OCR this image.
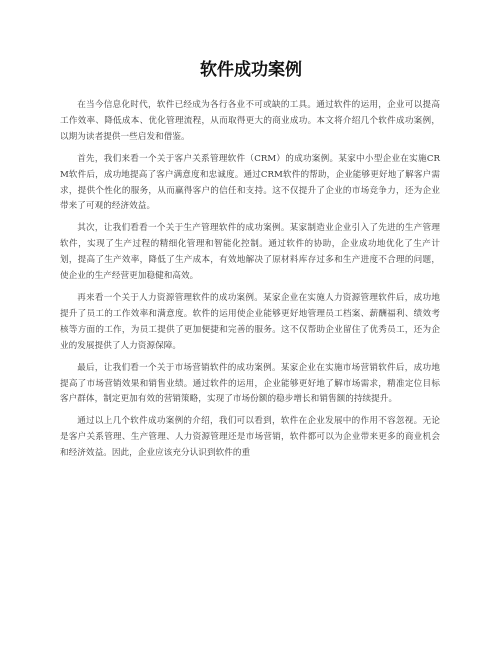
软件成功案例

在当今信息化时代，软件已经成为各行各业不可或缺的工具。通过软件的运用，企业可以提高工作效率、降低成本、优化管理流程，从而取得更大的商业成功。本文将介绍几个软件成功案例，以期为读者提供一些启发和借鉴。

首先，我们来看一个关于客户关系管理软件（CRM）的成功案例。某家中小型企业在实施CRM软件后，成功地提高了客户满意度和忠诚度。通过CRM软件的帮助，企业能够更好地了解客户需求，提供个性化的服务，从而赢得客户的信任和支持。这不仅提升了企业的市场竞争力，还为企业带来了可观的经济效益。

其次，让我们看看一个关于生产管理软件的成功案例。某家制造业企业引入了先进的生产管理软件，实现了生产过程的精细化管理和智能化控制。通过软件的协助，企业成功地优化了生产计划，提高了生产效率，降低了生产成本，有效地解决了原材料库存过多和生产进度不合理的问题，使企业的生产经营更加稳健和高效。

再来看一个关于人力资源管理软件的成功案例。某家企业在实施人力资源管理软件后，成功地提升了员工的工作效率和满意度。软件的运用使企业能够更好地管理员工档案、薪酬福利、绩效考核等方面的工作，为员工提供了更加便捷和完善的服务。这不仅帮助企业留住了优秀员工，还为企业的发展提供了人力资源保障。

最后，让我们看一个关于市场营销软件的成功案例。某家企业在实施市场营销软件后，成功地提高了市场营销效果和销售业绩。通过软件的运用，企业能够更好地了解市场需求，精准定位目标客户群体，制定更加有效的营销策略，实现了市场份额的稳步增长和销售额的持续提升。

通过以上几个软件成功案例的介绍，我们可以看到，软件在企业发展中的作用不容忽视。无论是客户关系管理、生产管理、人力资源管理还是市场营销，软件都可以为企业带来更多的商业机会和经济效益。因此，企业应该充分认识到软件的重
